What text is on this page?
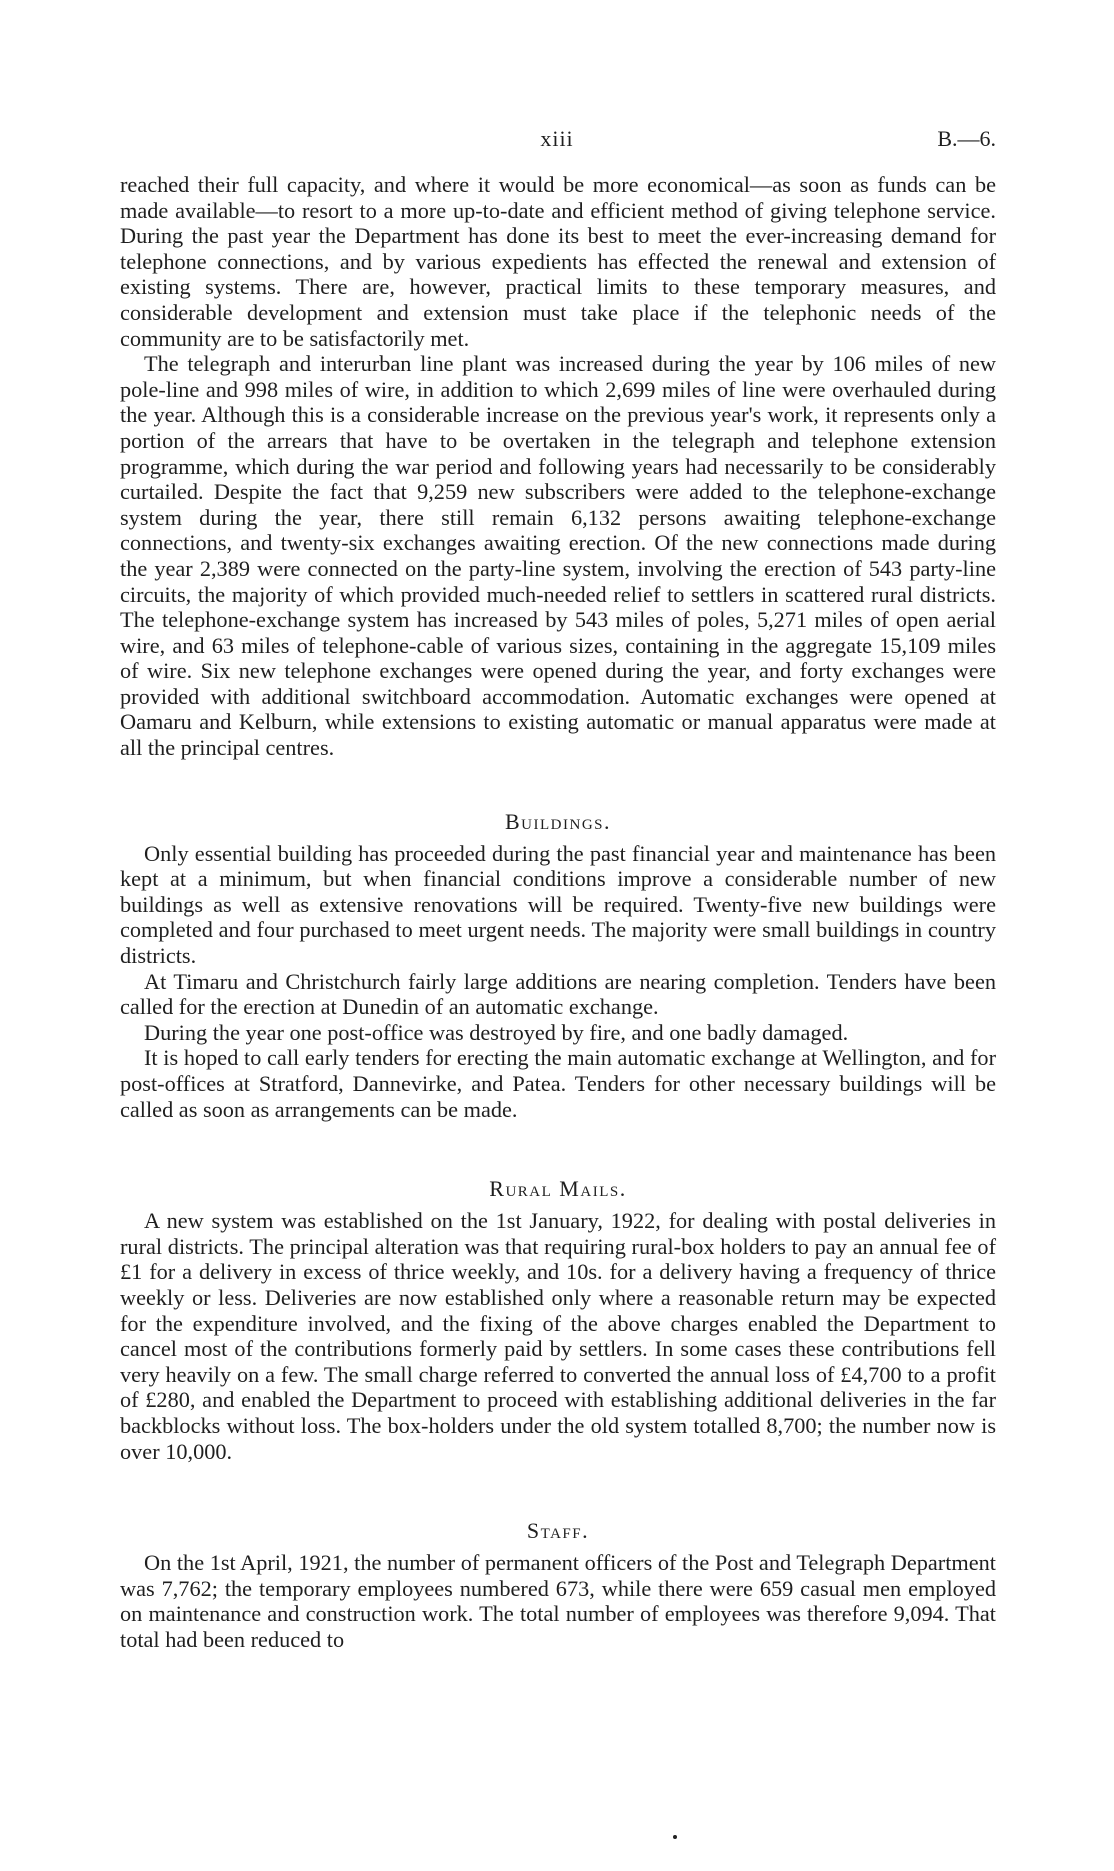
xiii	B.—6.

reached their full capacity, and where it would be more economical—as soon as funds can be made available—to resort to a more up-to-date and efficient method of giving telephone service. During the past year the Department has done its best to meet the ever-increasing demand for telephone connections, and by various expedients has effected the renewal and extension of existing systems. There are, however, practical limits to these temporary measures, and considerable development and extension must take place if the telephonic needs of the community are to be satisfactorily met.

The telegraph and interurban line plant was increased during the year by 106 miles of new pole-line and 998 miles of wire, in addition to which 2,699 miles of line were overhauled during the year. Although this is a considerable increase on the previous year's work, it represents only a portion of the arrears that have to be overtaken in the telegraph and telephone extension programme, which during the war period and following years had necessarily to be considerably curtailed. Despite the fact that 9,259 new subscribers were added to the telephone-exchange system during the year, there still remain 6,132 persons awaiting telephone-exchange connections, and twenty-six exchanges awaiting erection. Of the new connections made during the year 2,389 were connected on the party-line system, involving the erection of 543 party-line circuits, the majority of which provided much-needed relief to settlers in scattered rural districts. The telephone-exchange system has increased by 543 miles of poles, 5,271 miles of open aerial wire, and 63 miles of telephone-cable of various sizes, containing in the aggregate 15,109 miles of wire. Six new telephone exchanges were opened during the year, and forty exchanges were provided with additional switchboard accommodation. Automatic exchanges were opened at Oamaru and Kelburn, while extensions to existing automatic or manual apparatus were made at all the principal centres.

Buildings.

Only essential building has proceeded during the past financial year and maintenance has been kept at a minimum, but when financial conditions improve a considerable number of new buildings as well as extensive renovations will be required. Twenty-five new buildings were completed and four purchased to meet urgent needs. The majority were small buildings in country districts.

At Timaru and Christchurch fairly large additions are nearing completion. Tenders have been called for the erection at Dunedin of an automatic exchange.

During the year one post-office was destroyed by fire, and one badly damaged.

It is hoped to call early tenders for erecting the main automatic exchange at Wellington, and for post-offices at Stratford, Dannevirke, and Patea. Tenders for other necessary buildings will be called as soon as arrangements can be made.

Rural Mails.

A new system was established on the 1st January, 1922, for dealing with postal deliveries in rural districts. The principal alteration was that requiring rural-box holders to pay an annual fee of £1 for a delivery in excess of thrice weekly, and 10s. for a delivery having a frequency of thrice weekly or less. Deliveries are now established only where a reasonable return may be expected for the expenditure involved, and the fixing of the above charges enabled the Department to cancel most of the contributions formerly paid by settlers. In some cases these contributions fell very heavily on a few. The small charge referred to converted the annual loss of £4,700 to a profit of £280, and enabled the Department to proceed with establishing additional deliveries in the far backblocks without loss. The box-holders under the old system totalled 8,700; the number now is over 10,000.

Staff.

On the 1st April, 1921, the number of permanent officers of the Post and Telegraph Department was 7,762; the temporary employees numbered 673, while there were 659 casual men employed on maintenance and construction work. The total number of employees was therefore 9,094. That total had been reduced to
